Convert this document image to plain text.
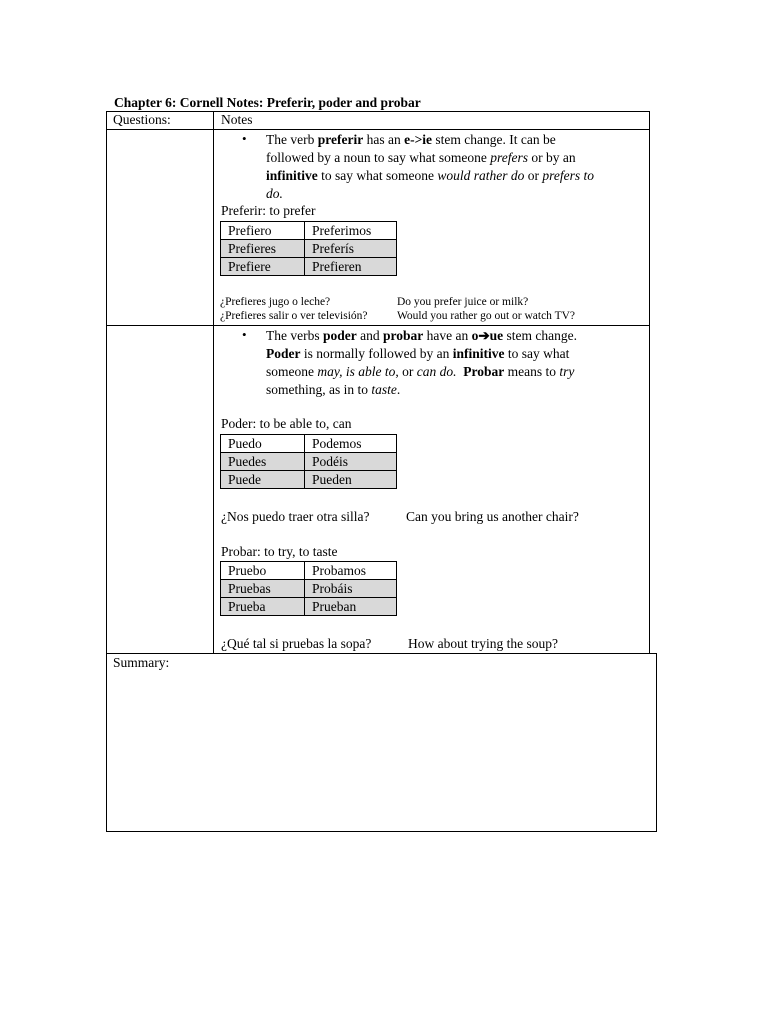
Chapter 6: Cornell Notes: Preferir, poder and probar
Questions:	Notes
• The verb preferir has an e->ie stem change. It can be
followed by a noun to say what someone prefers or by an
infinitive to say what someone would rather do or prefers to
do.
Preferir: to prefer
Prefiero	Preferimos
Prefieres	Preferís
Prefiere	Prefieren
¿Prefieres jugo o leche?	Do you prefer juice or milk?
¿Prefieres salir o ver televisión?	Would you rather go out or watch TV?
• The verbs poder and probar have an o➔ue stem change.
Poder is normally followed by an infinitive to say what
someone may, is able to, or can do. Probar means to try
something, as in to taste.
Poder: to be able to, can
Puedo	Podemos
Puedes	Podéis
Puede	Pueden
¿Nos puedo traer otra silla?	Can you bring us another chair?
Probar: to try, to taste
Pruebo	Probamos
Pruebas	Probáis
Prueba	Prueban
¿Qué tal si pruebas la sopa?	How about trying the soup?
Summary:
